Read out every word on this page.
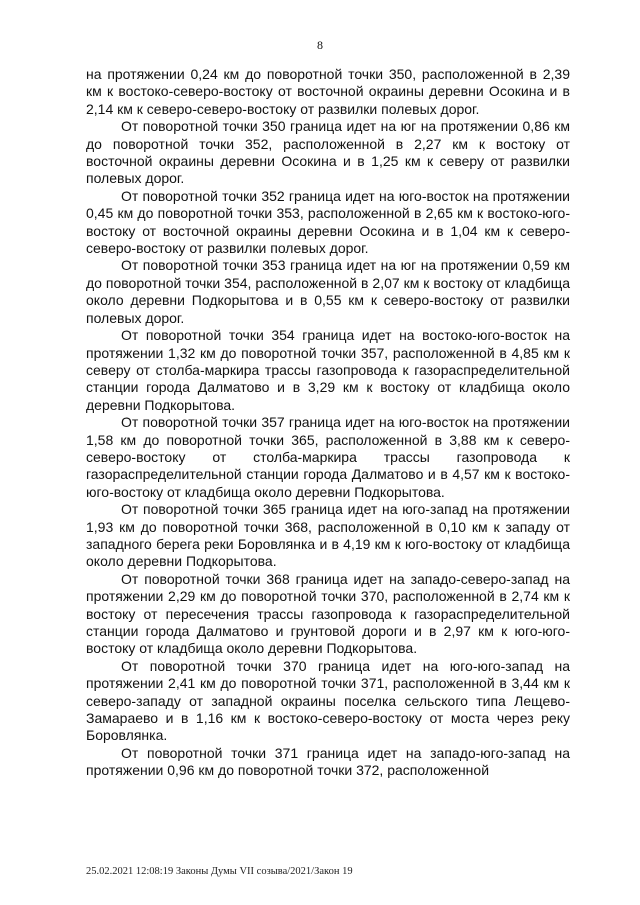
8

на протяжении 0,24 км до поворотной точки 350, расположенной в 2,39 км к востоко-северо-востоку от восточной окраины деревни Осокина и в 2,14 км к северо-северо-востоку от развилки полевых дорог.

От поворотной точки 350 граница идет на юг на протяжении 0,86 км до поворотной точки 352, расположенной в 2,27 км к востоку от восточной окраины деревни Осокина и в 1,25 км к северу от развилки полевых дорог.

От поворотной точки 352 граница идет на юго-восток на протяжении 0,45 км до поворотной точки 353, расположенной в 2,65 км к востоко-юго-востоку от восточной окраины деревни Осокина и в 1,04 км к северо-северо-востоку от развилки полевых дорог.

От поворотной точки 353 граница идет на юг на протяжении 0,59 км до поворотной точки 354, расположенной в 2,07 км к востоку от кладбища около деревни Подкорытова и в 0,55 км к северо-востоку от развилки полевых дорог.

От поворотной точки 354 граница идет на востоко-юго-восток на протяжении 1,32 км до поворотной точки 357, расположенной в 4,85 км к северу от столба-маркира трассы газопровода к газораспределительной станции города Далматово и в 3,29 км к востоку от кладбища около деревни Подкорытова.

От поворотной точки 357 граница идет на юго-восток на протяжении 1,58 км до поворотной точки 365, расположенной в 3,88 км к северо-северо-востоку от столба-маркира трассы газопровода к газораспределительной станции города Далматово и в 4,57 км к востоко-юго-востоку от кладбища около деревни Подкорытова.

От поворотной точки 365 граница идет на юго-запад на протяжении 1,93 км до поворотной точки 368, расположенной в 0,10 км к западу от западного берега реки Боровлянка и в 4,19 км к юго-востоку от кладбища около деревни Подкорытова.

От поворотной точки 368 граница идет на западо-северо-запад на протяжении 2,29 км до поворотной точки 370, расположенной в 2,74 км к востоку от пересечения трассы газопровода к газораспределительной станции города Далматово и грунтовой дороги и в 2,97 км к юго-юго-востоку от кладбища около деревни Подкорытова.

От поворотной точки 370 граница идет на юго-юго-запад на протяжении 2,41 км до поворотной точки 371, расположенной в 3,44 км к северо-западу от западной окраины поселка сельского типа Лещево-Замараево и в 1,16 км к востоко-северо-востоку от моста через реку Боровлянка.

От поворотной точки 371 граница идет на западо-юго-запад на протяжении 0,96 км до поворотной точки 372, расположенной

25.02.2021 12:08:19 Законы Думы VII созыва/2021/Закон 19
